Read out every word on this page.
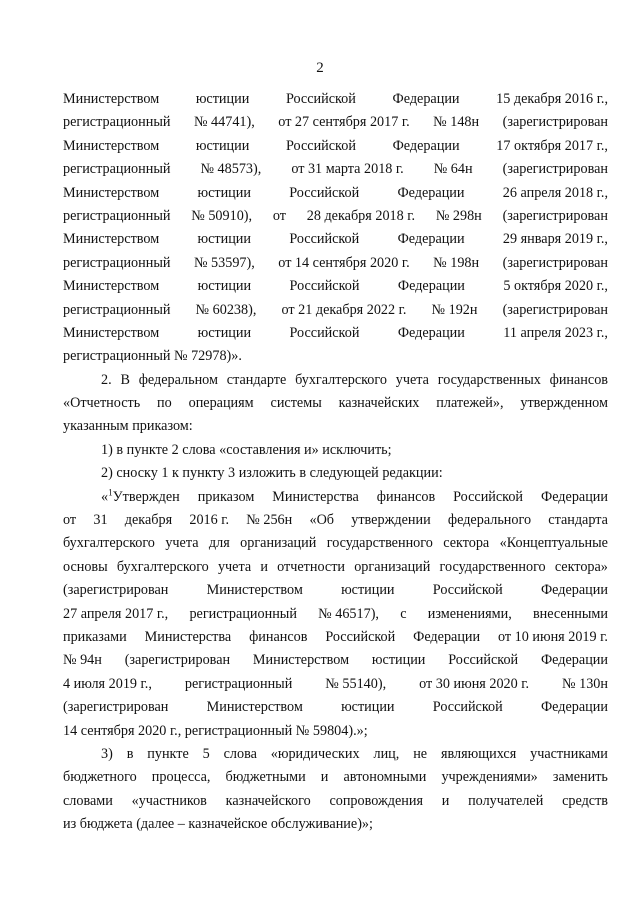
2
Министерством	юстиции	Российской	Федерации	15 декабря 2016 г.,
регистрационный № 44741), от 27 сентября 2017 г. № 148н (зарегистрирован
Министерством	юстиции	Российской	Федерации	17 октября 2017 г.,
регистрационный № 48573), от 31 марта 2018 г. № 64н (зарегистрирован
Министерством	юстиции	Российской	Федерации	26 апреля 2018 г.,
регистрационный № 50910), от 28 декабря 2018 г. № 298н (зарегистрирован
Министерством	юстиции	Российской	Федерации	29 января 2019 г.,
регистрационный № 53597), от 14 сентября 2020 г. № 198н (зарегистрирован
Министерством	юстиции	Российской	Федерации	5 октября 2020 г.,
регистрационный № 60238), от 21 декабря 2022 г. № 192н (зарегистрирован
Министерством	юстиции	Российской	Федерации	11 апреля 2023 г.,
регистрационный № 72978)».
2. В федеральном стандарте бухгалтерского учета государственных финансов
«Отчетность по операциям системы казначейских платежей», утвержденном
указанным приказом:
1) в пункте 2 слова «составления и» исключить;
2) сноску 1 к пункту 3 изложить в следующей редакции:
«$^1$Утвержден приказом Министерства финансов Российской Федерации
от 31 декабря 2016 г. № 256н «Об утверждении федерального стандарта
бухгалтерского учета для организаций государственного сектора «Концептуальные
основы бухгалтерского учета и отчетности организаций государственного сектора»
(зарегистрирован	Министерством	юстиции	Российской	Федерации
27 апреля 2017 г., регистрационный № 46517), с изменениями, внесенными
приказами Министерства финансов Российской Федерации от 10 июня 2019 г.
№ 94н (зарегистрирован Министерством юстиции Российской Федерации
4 июля 2019 г., регистрационный № 55140), от 30 июня 2020 г. № 130н
(зарегистрирован	Министерством	юстиции	Российской	Федерации
14 сентября 2020 г., регистрационный № 59804).»;
3) в пункте 5 слова «юридических лиц, не являющихся участниками
бюджетного процесса, бюджетными и автономными учреждениями» заменить
словами «участников казначейского сопровождения и получателей средств
из бюджета (далее – казначейское обслуживание)»;
